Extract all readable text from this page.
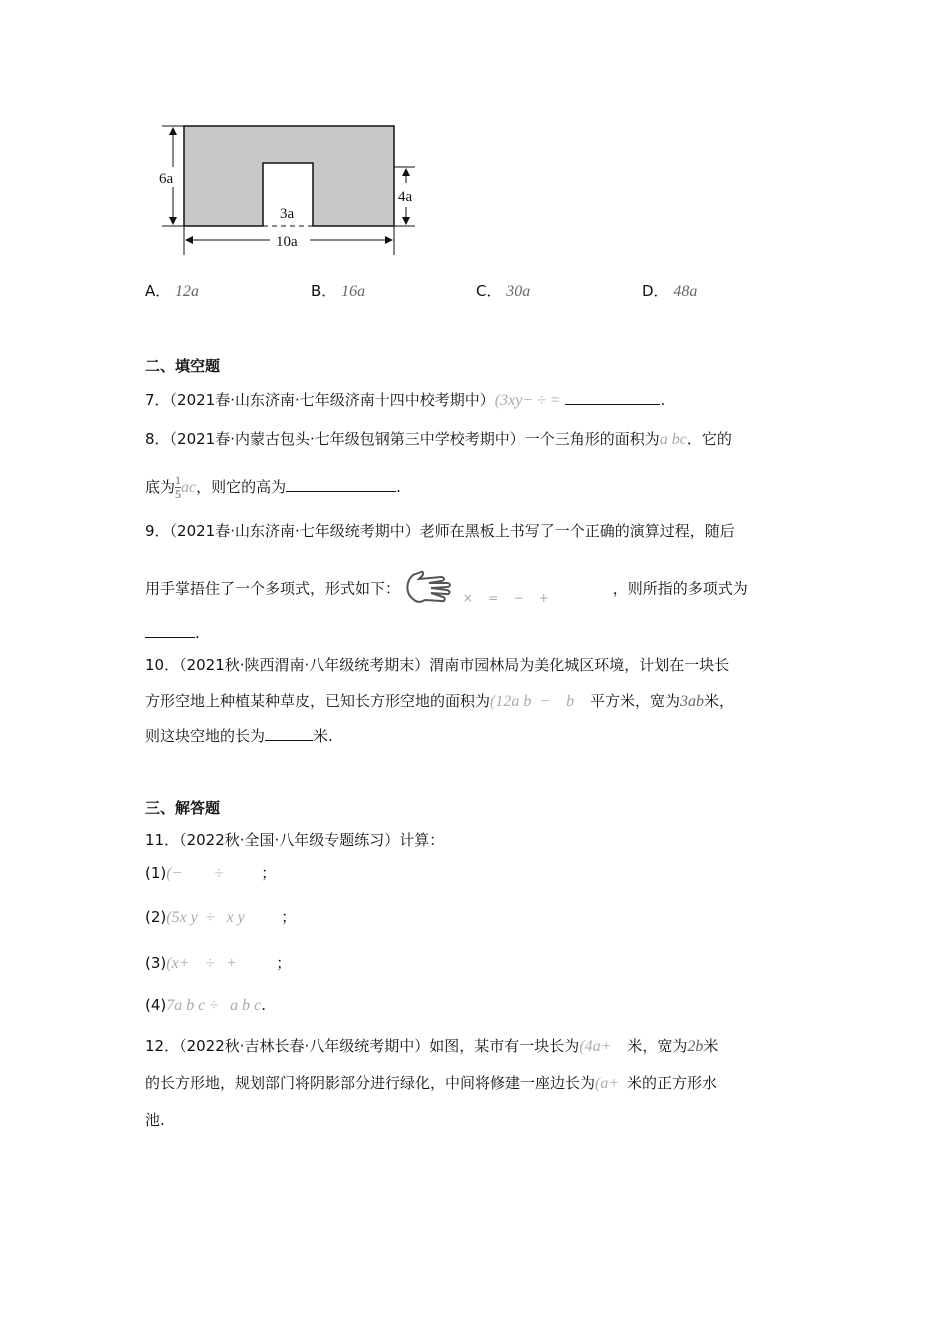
6a
4a
3a
10a
A． 12a	B． 16a	C． 30a	D． 48a
二、填空题
7．（2021春·山东济南·七年级济南十四中校考期中）(3xy− ÷ =	.
8．（2021春·内蒙古包头·七年级包钢第三中学校考期中）一个三角形的面积为a bc．它的
底为 $\frac{1}{5}$ ac，则它的高为	.
9．（2021春·山东济南·七年级统考期中）老师在黑板上书写了一个正确的演算过程，随后
用手掌捂住了一个多项式，形式如下：	×    =    −    +	，则所指的多项式为
.
10．（2021秋·陕西渭南·八年级统考期末）渭南市园林局为美化城区环境，计划在一块长
方形空地上种植某种草皮，已知长方形空地的面积为(12a b  −    b 平方米，宽为3ab米，
则这块空地的长为	米.
三、解答题
11．（2022秋·全国·八年级专题练习）计算：
(1)(−        ÷	；
(2)(5x y  ÷   x y ；
(3)(x+    ÷   +	；
(4)7a b c ÷   a b c.
12．（2022秋·吉林长春·八年级统考期中）如图，某市有一块长为(4a+ 米，宽为2b米
的长方形地，规划部门将阴影部分进行绿化，中间将修建一座边长为(a+ 米的正方形水
池.
